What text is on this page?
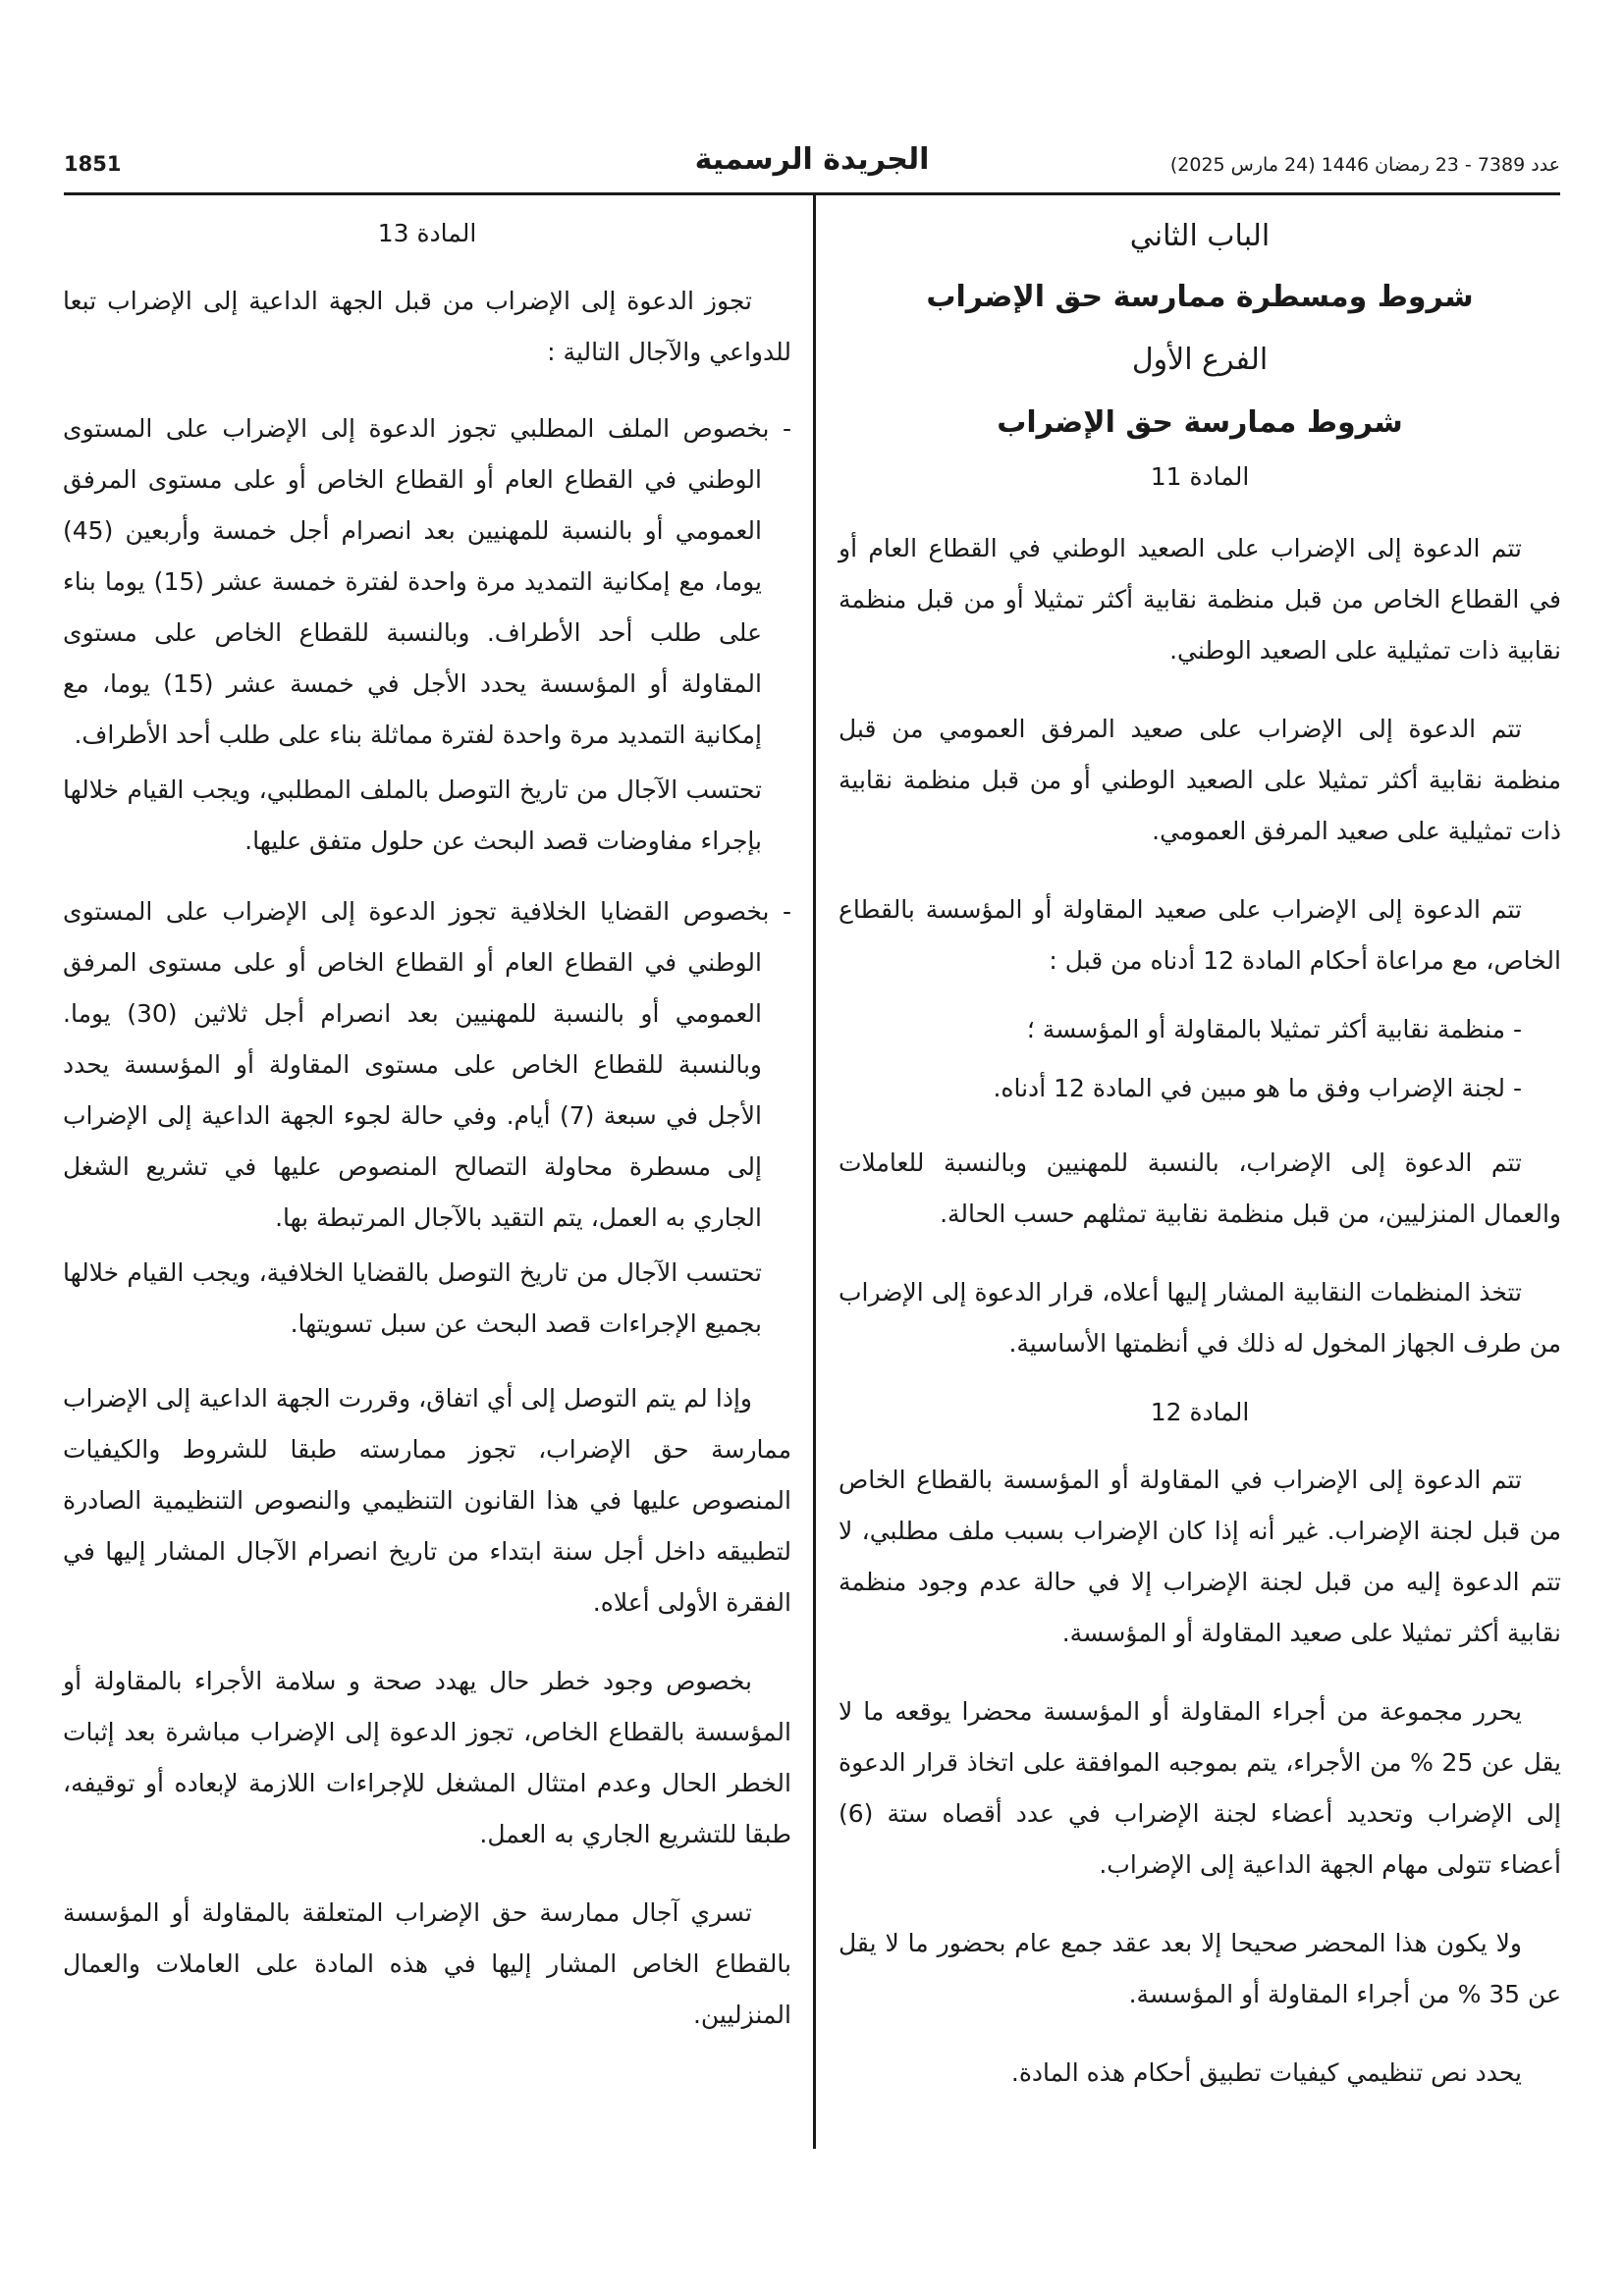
1851	الجريدة الرسمية	عدد 7389 - 23 رمضان 1446 (24 مارس 2025)
الباب الثاني
شروط ومسطرة ممارسة حق الإضراب
الفرع الأول
شروط ممارسة حق الإضراب
المادة 11

تتم الدعوة إلى الإضراب على الصعيد الوطني في القطاع العام أو في القطاع الخاص من قبل منظمة نقابية أكثر تمثيلا أو من قبل منظمة نقابية ذات تمثيلية على الصعيد الوطني.

تتم الدعوة إلى الإضراب على صعيد المرفق العمومي من قبل منظمة نقابية أكثر تمثيلا على الصعيد الوطني أو من قبل منظمة نقابية ذات تمثيلية على صعيد المرفق العمومي.

تتم الدعوة إلى الإضراب على صعيد المقاولة أو المؤسسة بالقطاع الخاص، مع مراعاة أحكام المادة 12 أدناه من قبل :

- منظمة نقابية أكثر تمثيلا بالمقاولة أو المؤسسة ؛

- لجنة الإضراب وفق ما هو مبين في المادة 12 أدناه.

تتم الدعوة إلى الإضراب، بالنسبة للمهنيين وبالنسبة للعاملات والعمال المنزليين، من قبل منظمة نقابية تمثلهم حسب الحالة.

تتخذ المنظمات النقابية المشار إليها أعلاه، قرار الدعوة إلى الإضراب من طرف الجهاز المخول له ذلك في أنظمتها الأساسية.

المادة 12

تتم الدعوة إلى الإضراب في المقاولة أو المؤسسة بالقطاع الخاص من قبل لجنة الإضراب. غير أنه إذا كان الإضراب بسبب ملف مطلبي، لا تتم الدعوة إليه من قبل لجنة الإضراب إلا في حالة عدم وجود منظمة نقابية أكثر تمثيلا على صعيد المقاولة أو المؤسسة.

يحرر مجموعة من أجراء المقاولة أو المؤسسة محضرا يوقعه ما لا يقل عن 25 % من الأجراء، يتم بموجبه الموافقة على اتخاذ قرار الدعوة إلى الإضراب وتحديد أعضاء لجنة الإضراب في عدد أقصاه ستة (6) أعضاء تتولى مهام الجهة الداعية إلى الإضراب.

ولا يكون هذا المحضر صحيحا إلا بعد عقد جمع عام بحضور ما لا يقل عن 35 % من أجراء المقاولة أو المؤسسة.

يحدد نص تنظيمي كيفيات تطبيق أحكام هذه المادة.

المادة 13

تجوز الدعوة إلى الإضراب من قبل الجهة الداعية إلى الإضراب تبعا للدواعي والآجال التالية :

- بخصوص الملف المطلبي تجوز الدعوة إلى الإضراب على المستوى الوطني في القطاع العام أو القطاع الخاص أو على مستوى المرفق العمومي أو بالنسبة للمهنيين بعد انصرام أجل خمسة وأربعين (45) يوما، مع إمكانية التمديد مرة واحدة لفترة خمسة عشر (15) يوما بناء على طلب أحد الأطراف. وبالنسبة للقطاع الخاص على مستوى المقاولة أو المؤسسة يحدد الأجل في خمسة عشر (15) يوما، مع إمكانية التمديد مرة واحدة لفترة مماثلة بناء على طلب أحد الأطراف.

تحتسب الآجال من تاريخ التوصل بالملف المطلبي، ويجب القيام خلالها بإجراء مفاوضات قصد البحث عن حلول متفق عليها.

- بخصوص القضايا الخلافية تجوز الدعوة إلى الإضراب على المستوى الوطني في القطاع العام أو القطاع الخاص أو على مستوى المرفق العمومي أو بالنسبة للمهنيين بعد انصرام أجل ثلاثين (30) يوما. وبالنسبة للقطاع الخاص على مستوى المقاولة أو المؤسسة يحدد الأجل في سبعة (7) أيام. وفي حالة لجوء الجهة الداعية إلى الإضراب إلى مسطرة محاولة التصالح المنصوص عليها في تشريع الشغل الجاري به العمل، يتم التقيد بالآجال المرتبطة بها.

تحتسب الآجال من تاريخ التوصل بالقضايا الخلافية، ويجب القيام خلالها بجميع الإجراءات قصد البحث عن سبل تسويتها.

وإذا لم يتم التوصل إلى أي اتفاق، وقررت الجهة الداعية إلى الإضراب ممارسة حق الإضراب، تجوز ممارسته طبقا للشروط والكيفيات المنصوص عليها في هذا القانون التنظيمي والنصوص التنظيمية الصادرة لتطبيقه داخل أجل سنة ابتداء من تاريخ انصرام الآجال المشار إليها في الفقرة الأولى أعلاه.

بخصوص وجود خطر حال يهدد صحة و سلامة الأجراء بالمقاولة أو المؤسسة بالقطاع الخاص، تجوز الدعوة إلى الإضراب مباشرة بعد إثبات الخطر الحال وعدم امتثال المشغل للإجراءات اللازمة لإبعاده أو توقيفه، طبقا للتشريع الجاري به العمل.

تسري آجال ممارسة حق الإضراب المتعلقة بالمقاولة أو المؤسسة بالقطاع الخاص المشار إليها في هذه المادة على العاملات والعمال المنزليين.
